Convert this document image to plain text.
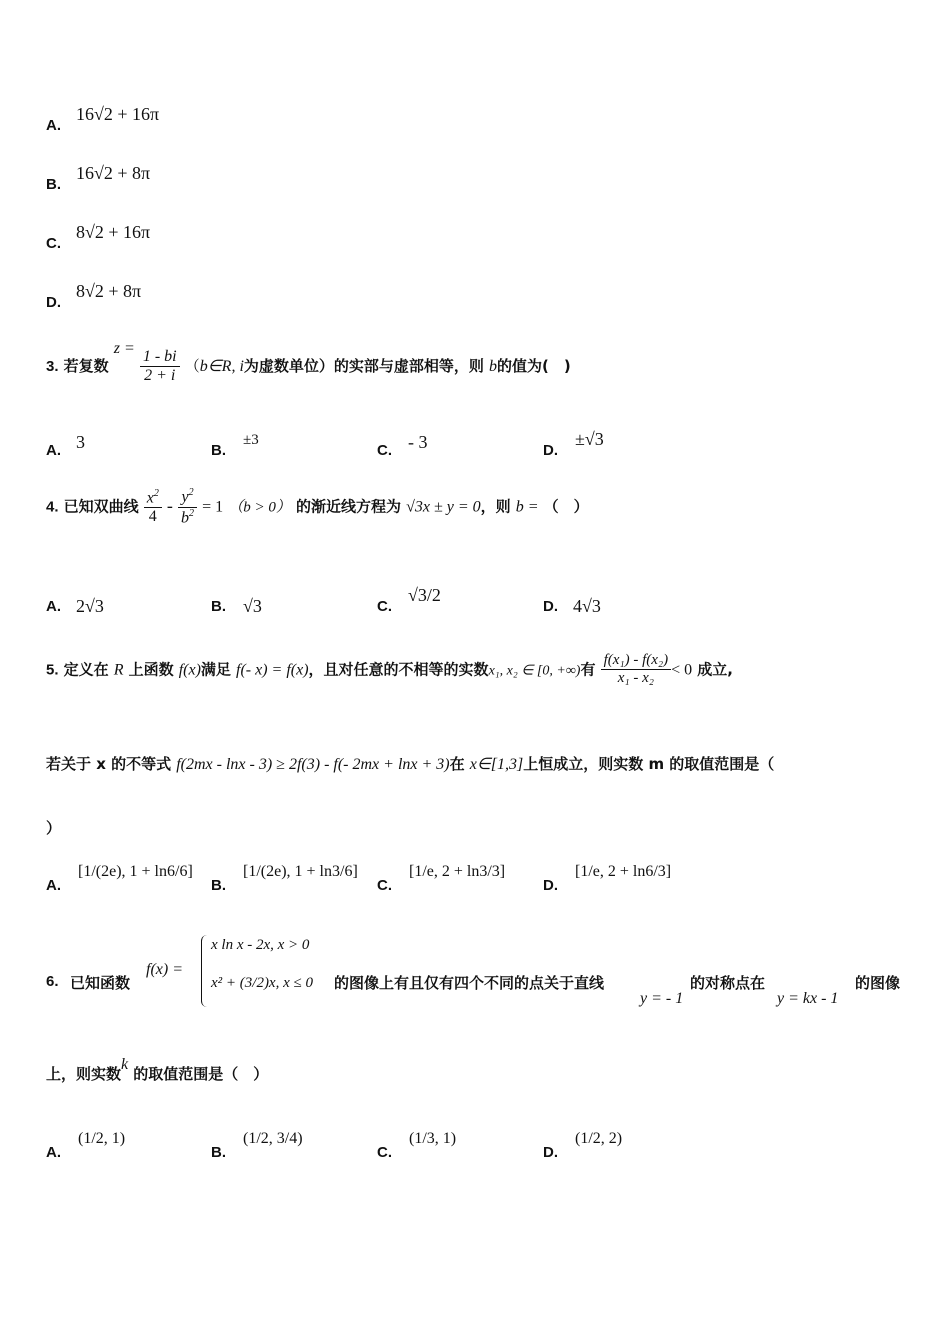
A.
16√2 + 16π
B.
16√2 + 8π
C.
8√2 + 16π
D.
8√2 + 8π
3. 若复数 $z = \frac{1 - bi}{2 + i}$ （b∈R, i为虚数单位）的实部与虚部相等，则 b的值为(　)
A. 3	B.
±3
C. - 3	D.
±√3
4. 已知双曲线 $\frac{x^2}{4} - \frac{y^2}{b^2} = 1$ （b > 0） 的渐近线方程为 √3x ± y = 0，则 b = （　）
A. 2√3	B. √3	C.
√3/2
D. 4√3
5. 定义在 R 上函数 f(x)满足 f(- x) = f(x)，且对任意的不相等的实数x₁, x₂ ∈ [0, +∞)有 $\frac{\text{f(x₁) - f(x₂)}}{\text{x₁ - x₂}} < 0$ 成立,
若关于 x 的不等式 f(2mx - lnx - 3) ≥ 2f(3) - f(- 2mx + lnx + 3)在 x∈[1,3]上恒成立，则实数 m 的取值范围是（
）
A.
[1/(2e), 1 + ln6/6]
B.
[1/(2e), 1 + ln3/6]
C.
[1/e, 2 + ln3/3]
D.
[1/e, 2 + ln6/3]
6. 已知函数
f(x) =
x ln x - 2x, x > 0
x² + (3/2)x, x ≤ 0 的图像上有且仅有四个不同的点关于直线
y = - 1
的对称点在
y = kx - 1
的图像
上，则实数k 的取值范围是（　）
A.
(1/2, 1)
B.
(1/2, 3/4)
C.
(1/3, 1)
D.
(1/2, 2)
